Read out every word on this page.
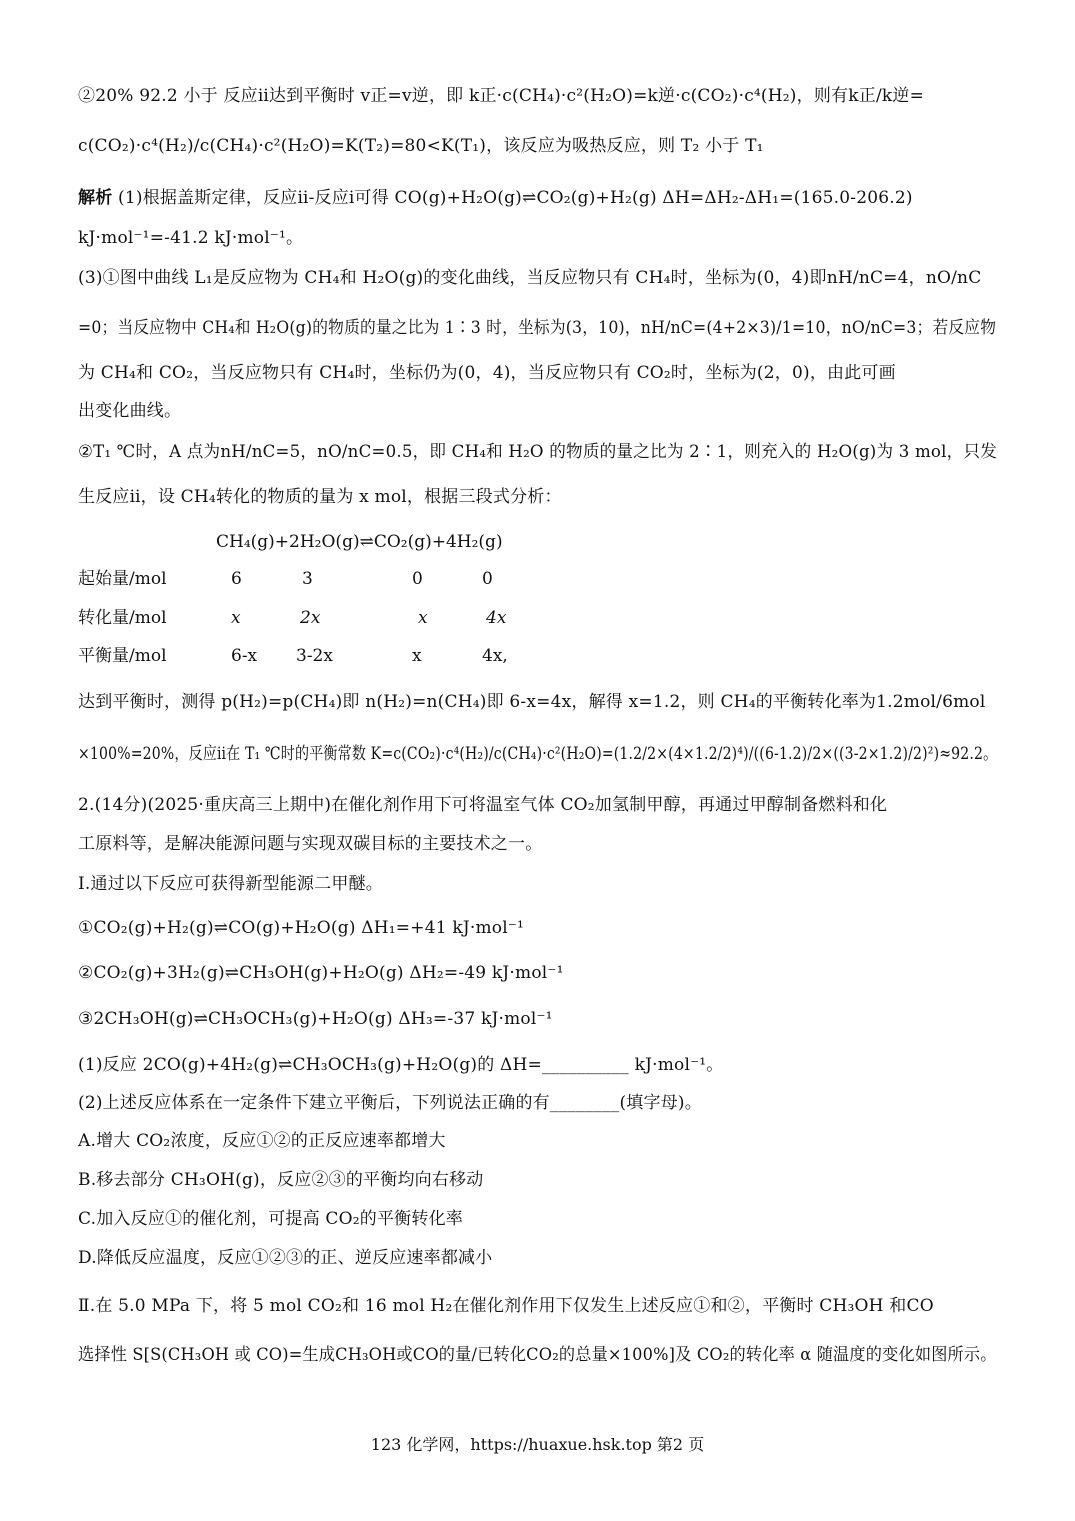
②20% 92.2 小于 反应ⅱ达到平衡时 v正=v逆，即 k正·c(CH₄)·c²(H₂O)=k逆·c(CO₂)·c⁴(H₂)，则有k正/k逆=
c(CO₂)·c⁴(H₂)/c(CH₄)·c²(H₂O)=K(T₂)=80<K(T₁)，该反应为吸热反应，则 T₂ 小于 T₁
解析 (1)根据盖斯定律，反应ⅱ-反应ⅰ可得 CO(g)+H₂O(g)⇌CO₂(g)+H₂(g) ΔH=ΔH₂-ΔH₁=(165.0-206.2)
kJ·mol⁻¹=-41.2 kJ·mol⁻¹。
(3)①图中曲线 L₁是反应物为 CH₄和 H₂O(g)的变化曲线，当反应物只有 CH₄时，坐标为(0，4)即nH/nC=4，nO/nC
=0；当反应物中 CH₄和 H₂O(g)的物质的量之比为 1∶3 时，坐标为(3，10)，nH/nC=(4+2×3)/1=10，nO/nC=3；若反应物
为 CH₄和 CO₂，当反应物只有 CH₄时，坐标仍为(0，4)，当反应物只有 CO₂时，坐标为(2，0)，由此可画
出变化曲线。
②T₁ ℃时，A 点为nH/nC=5，nO/nC=0.5，即 CH₄和 H₂O 的物质的量之比为 2∶1，则充入的 H₂O(g)为 3 mol，只发
生反应ⅱ，设 CH₄转化的物质的量为 x mol，根据三段式分析：
CH₄(g)+2H₂O(g)⇌CO₂(g)+4H₂(g)
起始量/mol	6	3	0	0
转化量/mol	x	2x	x	4x
平衡量/mol	6-x 3-2x	x	4x,
达到平衡时，测得 p(H₂)=p(CH₄)即 n(H₂)=n(CH₄)即 6-x=4x，解得 x=1.2，则 CH₄的平衡转化率为1.2mol/6mol
×100%=20%，反应ⅱ在 T₁ ℃时的平衡常数 K=c(CO₂)·c⁴(H₂)/c(CH₄)·c²(H₂O)=(1.2/2×(4×1.2/2)⁴)/((6-1.2)/2×((3-2×1.2)/2)²)≈92.2。
2.(14分)(2025·重庆高三上期中)在催化剂作用下可将温室气体 CO₂加氢制甲醇，再通过甲醇制备燃料和化
工原料等，是解决能源问题与实现双碳目标的主要技术之一。
Ⅰ.通过以下反应可获得新型能源二甲醚。
①CO₂(g)+H₂(g)⇌CO(g)+H₂O(g) ΔH₁=+41 kJ·mol⁻¹
②CO₂(g)+3H₂(g)⇌CH₃OH(g)+H₂O(g) ΔH₂=-49 kJ·mol⁻¹
③2CH₃OH(g)⇌CH₃OCH₃(g)+H₂O(g) ΔH₃=-37 kJ·mol⁻¹
(1)反应 2CO(g)+4H₂(g)⇌CH₃OCH₃(g)+H₂O(g)的 ΔH=__________ kJ·mol⁻¹。
(2)上述反应体系在一定条件下建立平衡后，下列说法正确的有________(填字母)。
A.增大 CO₂浓度，反应①②的正反应速率都增大
B.移去部分 CH₃OH(g)，反应②③的平衡均向右移动
C.加入反应①的催化剂，可提高 CO₂的平衡转化率
D.降低反应温度，反应①②③的正、逆反应速率都减小
Ⅱ.在 5.0 MPa 下，将 5 mol CO₂和 16 mol H₂在催化剂作用下仅发生上述反应①和②，平衡时 CH₃OH 和CO
选择性 S[S(CH₃OH 或 CO)=生成CH₃OH或CO的量/已转化CO₂的总量×100%]及 CO₂的转化率 α 随温度的变化如图所示。
123 化学网，https://huaxue.hsk.top 第2 页
